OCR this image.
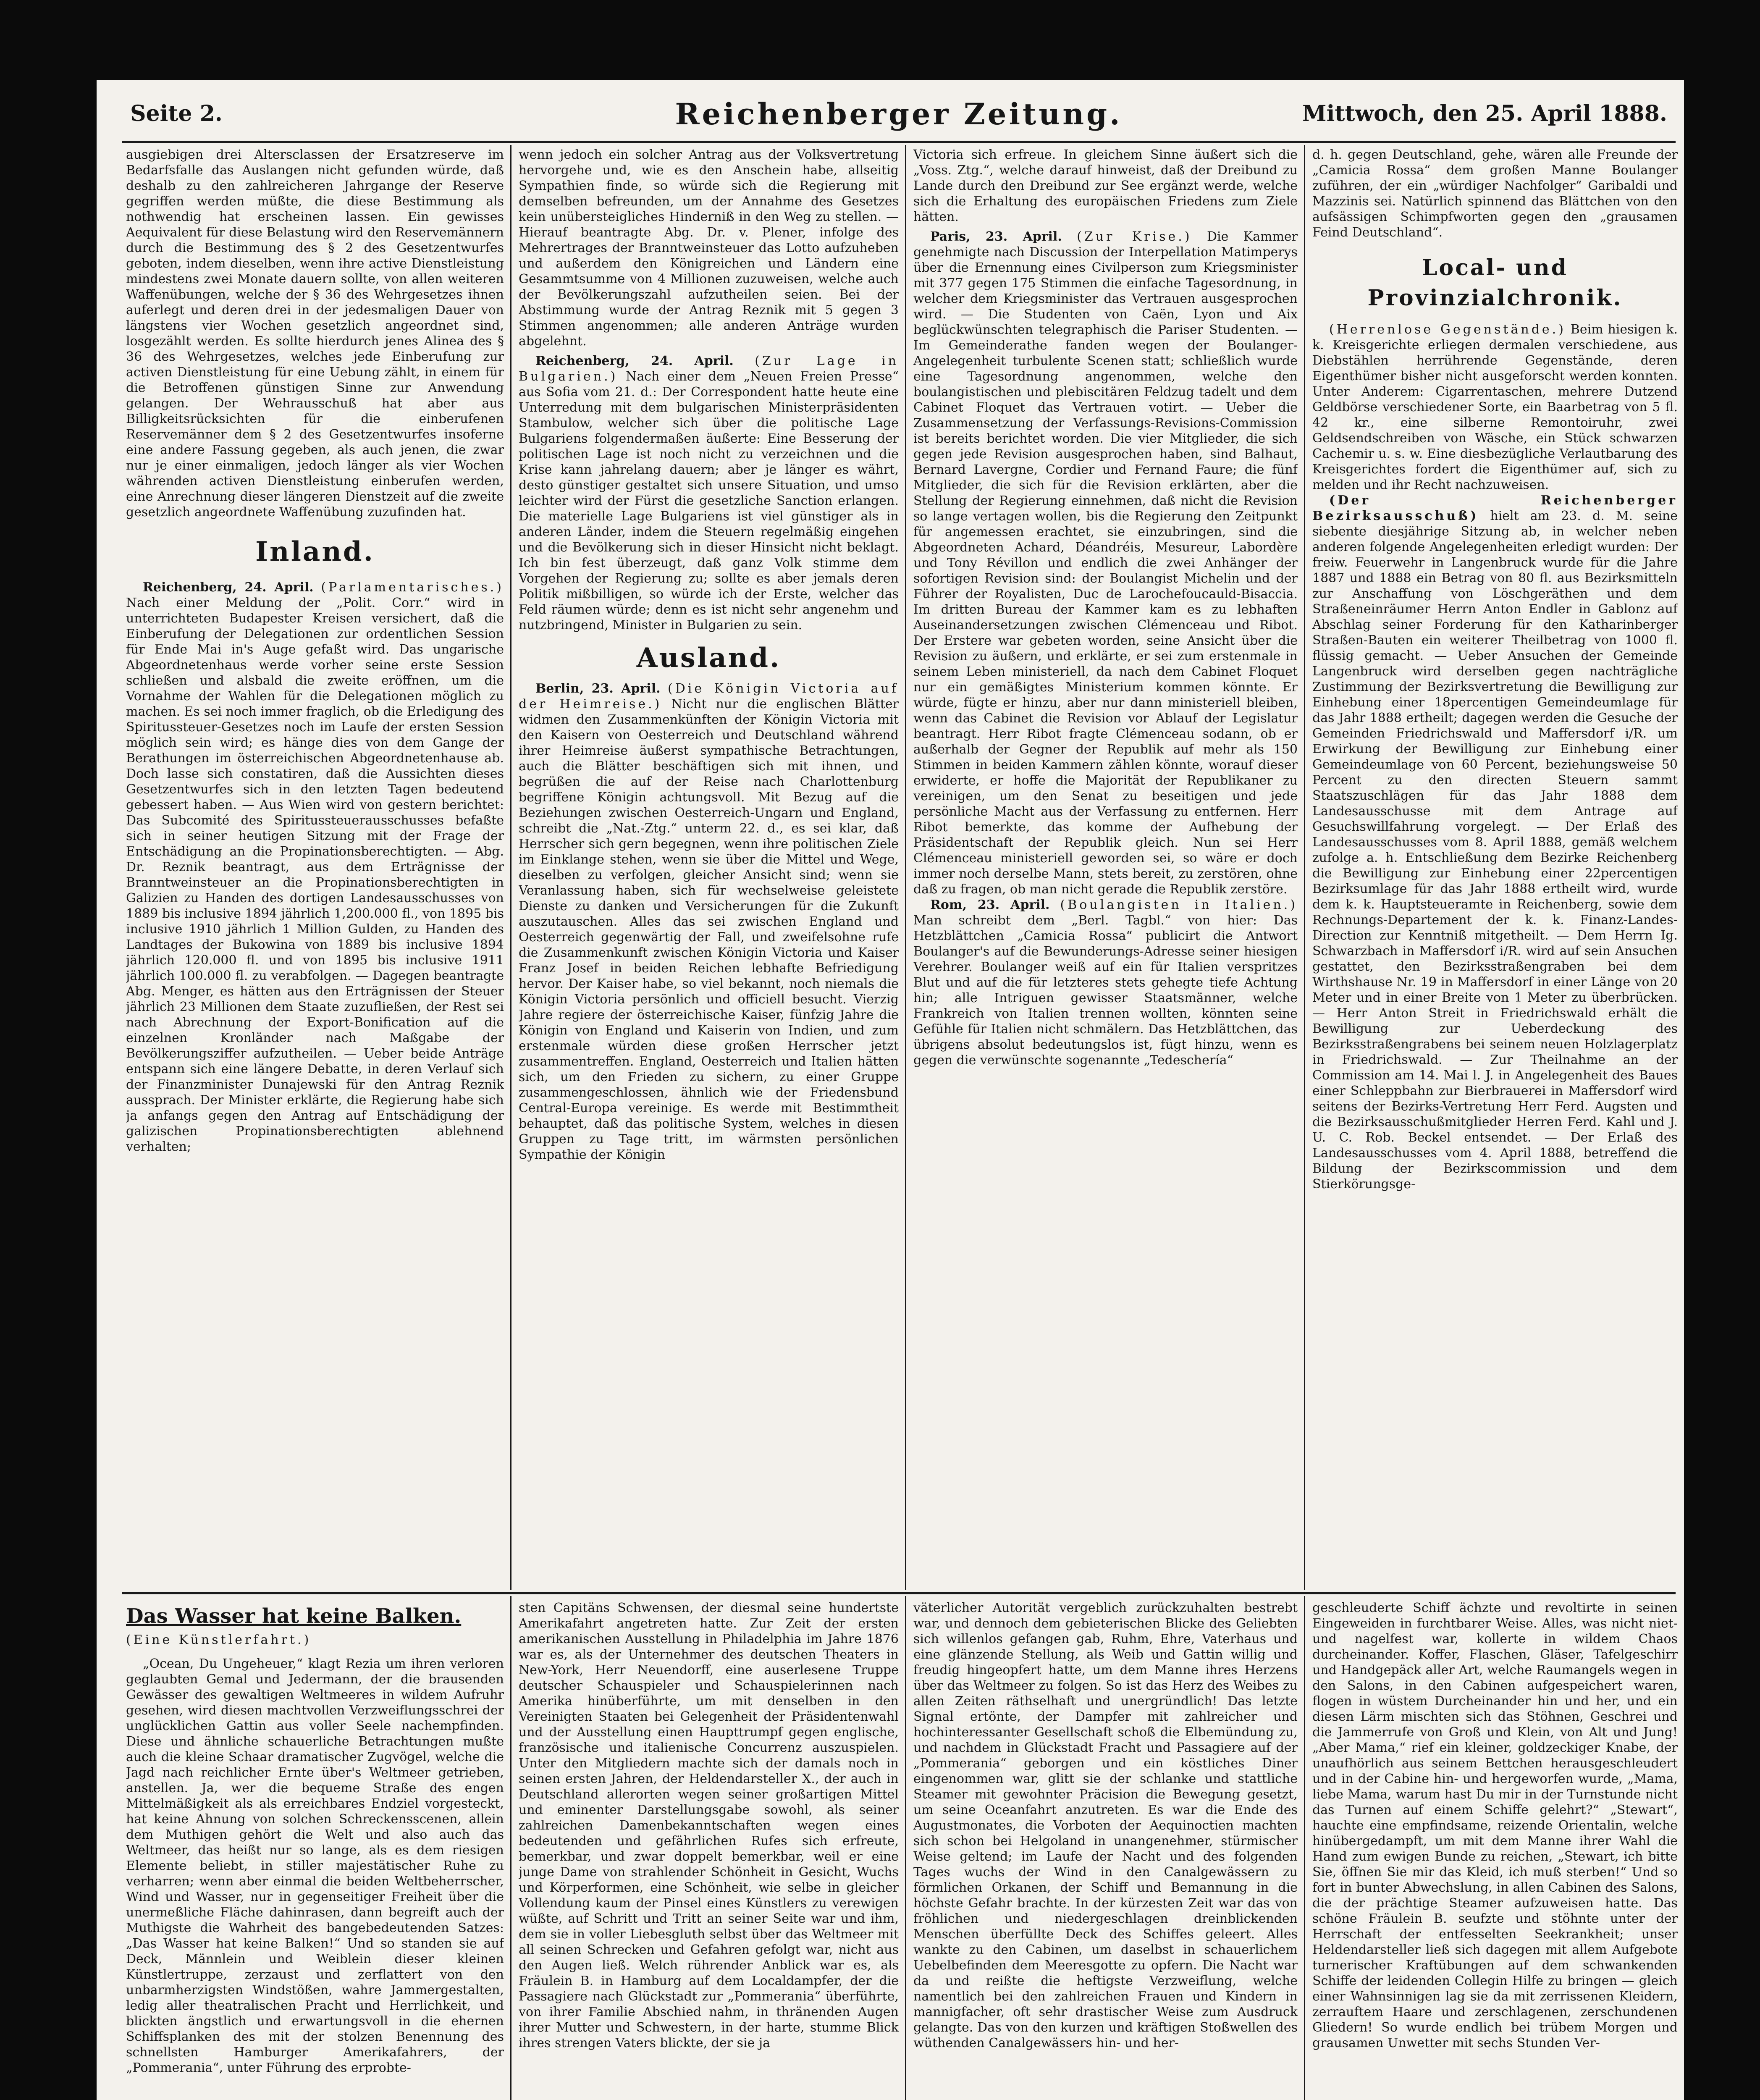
Seite 2.	Reichenberger Zeitung.	Mittwoch, den 25. April 1888.

ausgiebigen drei Altersclassen der Ersatzreserve im Bedarfsfalle das Auslangen nicht gefunden würde, daß deshalb zu den zahlreicheren Jahrgange der Reserve gegriffen werden müßte, die diese Bestimmung als nothwendig hat erscheinen lassen. Ein gewisses Aequivalent für diese Belastung wird den Reservemännern durch die Bestimmung des § 2 des Gesetzentwurfes geboten, indem dieselben, wenn ihre active Dienstleistung mindestens zwei Monate dauern sollte, von allen weiteren Waffenübungen, welche der § 36 des Wehrgesetzes ihnen auferlegt und deren drei in der jedesmaligen Dauer von längstens vier Wochen gesetzlich angeordnet sind, losgezählt werden. Es sollte hierdurch jenes Alinea des § 36 des Wehrgesetzes, welches jede Einberufung zur activen Dienstleistung für eine Uebung zählt, in einem für die Betroffenen günstigen Sinne zur Anwendung gelangen. Der Wehrausschuß hat aber aus Billigkeitsrücksichten für die einberufenen Reservemänner dem § 2 des Gesetzentwurfes insoferne eine andere Fassung gegeben, als auch jenen, die zwar nur je einer einmaligen, jedoch länger als vier Wochen währenden activen Dienstleistung einberufen werden, eine Anrechnung dieser längeren Dienstzeit auf die zweite gesetzlich angeordnete Waffenübung zuzufinden hat.

Inland.

Reichenberg, 24. April. (Parlamentarisches.) Nach einer Meldung der „Polit. Corr.“ wird in unterrichteten Budapester Kreisen versichert, daß die Einberufung der Delegationen zur ordentlichen Session für Ende Mai in's Auge gefaßt wird. Das ungarische Abgeordnetenhaus werde vorher seine erste Session schließen und alsbald die zweite eröffnen, um die Vornahme der Wahlen für die Delegationen möglich zu machen. Es sei noch immer fraglich, ob die Erledigung des Spiritussteuer-Gesetzes noch im Laufe der ersten Session möglich sein wird; es hänge dies von dem Gange der Berathungen im österreichischen Abgeordnetenhause ab. Doch lasse sich constatiren, daß die Aussichten dieses Gesetzentwurfes sich in den letzten Tagen bedeutend gebessert haben. — Aus Wien wird von gestern berichtet: Das Subcomité des Spiritussteuerausschusses befaßte sich in seiner heutigen Sitzung mit der Frage der Entschädigung an die Propinationsberechtigten. — Abg. Dr. Reznik beantragt, aus dem Erträgnisse der Branntweinsteuer an die Propinationsberechtigten in Galizien zu Handen des dortigen Landesausschusses von 1889 bis inclusive 1894 jährlich 1,200.000 fl., von 1895 bis inclusive 1910 jährlich 1 Million Gulden, zu Handen des Landtages der Bukowina von 1889 bis inclusive 1894 jährlich 120.000 fl. und von 1895 bis inclusive 1911 jährlich 100.000 fl. zu verabfolgen. — Dagegen beantragte Abg. Menger, es hätten aus den Erträgnissen der Steuer jährlich 23 Millionen dem Staate zuzufließen, der Rest sei nach Abrechnung der Export-Bonification auf die einzelnen Kronländer nach Maßgabe der Bevölkerungsziffer aufzutheilen. — Ueber beide Anträge entspann sich eine längere Debatte, in deren Verlauf sich der Finanzminister Dunajewski für den Antrag Reznik aussprach. Der Minister erklärte, die Regierung habe sich ja anfangs gegen den Antrag auf Entschädigung der galizischen Propinationsberechtigten ablehnend verhalten;

wenn jedoch ein solcher Antrag aus der Volksvertretung hervorgehe und, wie es den Anschein habe, allseitig Sympathien finde, so würde sich die Regierung mit demselben befreunden, um der Annahme des Gesetzes kein unübersteigliches Hinderniß in den Weg zu stellen. — Hierauf beantragte Abg. Dr. v. Plener, infolge des Mehrertrages der Branntweinsteuer das Lotto aufzuheben und außerdem den Königreichen und Ländern eine Gesammtsumme von 4 Millionen zuzuweisen, welche auch der Bevölkerungszahl aufzutheilen seien. Bei der Abstimmung wurde der Antrag Reznik mit 5 gegen 3 Stimmen angenommen; alle anderen Anträge wurden abgelehnt.

Reichenberg, 24. April. (Zur Lage in Bulgarien.) Nach einer dem „Neuen Freien Presse“ aus Sofia vom 21. d.: Der Correspondent hatte heute eine Unterredung mit dem bulgarischen Ministerpräsidenten Stambulow, welcher sich über die politische Lage Bulgariens folgendermaßen äußerte: Eine Besserung der politischen Lage ist noch nicht zu verzeichnen und die Krise kann jahrelang dauern; aber je länger es währt, desto günstiger gestaltet sich unsere Situation, und umso leichter wird der Fürst die gesetzliche Sanction erlangen. Die materielle Lage Bulgariens ist viel günstiger als in anderen Länder, indem die Steuern regelmäßig eingehen und die Bevölkerung sich in dieser Hinsicht nicht beklagt. Ich bin fest überzeugt, daß ganz Volk stimme dem Vorgehen der Regierung zu; sollte es aber jemals deren Politik mißbilligen, so würde ich der Erste, welcher das Feld räumen würde; denn es ist nicht sehr angenehm und nutzbringend, Minister in Bulgarien zu sein.

Ausland.

Berlin, 23. April. (Die Königin Victoria auf der Heimreise.) Nicht nur die englischen Blätter widmen den Zusammenkünften der Königin Victoria mit den Kaisern von Oesterreich und Deutschland während ihrer Heimreise äußerst sympathische Betrachtungen, auch die Blätter beschäftigen sich mit ihnen, und begrüßen die auf der Reise nach Charlottenburg begriffene Königin achtungsvoll. Mit Bezug auf die Beziehungen zwischen Oesterreich-Ungarn und England, schreibt die „Nat.-Ztg.“ unterm 22. d., es sei klar, daß Herrscher sich gern begegnen, wenn ihre politischen Ziele im Einklange stehen, wenn sie über die Mittel und Wege, dieselben zu verfolgen, gleicher Ansicht sind; wenn sie Veranlassung haben, sich für wechselweise geleistete Dienste zu danken und Versicherungen für die Zukunft auszutauschen. Alles das sei zwischen England und Oesterreich gegenwärtig der Fall, und zweifelsohne rufe die Zusammenkunft zwischen Königin Victoria und Kaiser Franz Josef in beiden Reichen lebhafte Befriedigung hervor. Der Kaiser habe, so viel bekannt, noch niemals die Königin Victoria persönlich und officiell besucht. Vierzig Jahre regiere der österreichische Kaiser, fünfzig Jahre die Königin von England und Kaiserin von Indien, und zum erstenmale würden diese großen Herrscher jetzt zusammentreffen. England, Oesterreich und Italien hätten sich, um den Frieden zu sichern, zu einer Gruppe zusammengeschlossen, ähnlich wie der Friedensbund Central-Europa vereinige. Es werde mit Bestimmtheit behauptet, daß das politische System, welches in diesen Gruppen zu Tage tritt, im wärmsten persönlichen Sympathie der Königin

Victoria sich erfreue. In gleichem Sinne äußert sich die „Voss. Ztg.“, welche darauf hinweist, daß der Dreibund zu Lande durch den Dreibund zur See ergänzt werde, welche sich die Erhaltung des europäischen Friedens zum Ziele hätten.

Paris, 23. April. (Zur Krise.) Die Kammer genehmigte nach Discussion der Interpellation Matimperys über die Ernennung eines Civilperson zum Kriegsminister mit 377 gegen 175 Stimmen die einfache Tagesordnung, in welcher dem Kriegsminister das Vertrauen ausgesprochen wird. — Die Studenten von Caën, Lyon und Aix beglückwünschten telegraphisch die Pariser Studenten. — Im Gemeinderathe fanden wegen der Boulanger-Angelegenheit turbulente Scenen statt; schließlich wurde eine Tagesordnung angenommen, welche den boulangistischen und plebiscitären Feldzug tadelt und dem Cabinet Floquet das Vertrauen votirt. — Ueber die Zusammensetzung der Verfassungs-Revisions-Commission ist bereits berichtet worden. Die vier Mitglieder, die sich gegen jede Revision ausgesprochen haben, sind Balhaut, Bernard Lavergne, Cordier und Fernand Faure; die fünf Mitglieder, die sich für die Revision erklärten, aber die Stellung der Regierung einnehmen, daß nicht die Revision so lange vertagen wollen, bis die Regierung den Zeitpunkt für angemessen erachtet, sie einzubringen, sind die Abgeordneten Achard, Déandréis, Mesureur, Labordère und Tony Révillon und endlich die zwei Anhänger der sofortigen Revision sind: der Boulangist Michelin und der Führer der Royalisten, Duc de Larochefoucauld-Bisaccia. Im dritten Bureau der Kammer kam es zu lebhaften Auseinandersetzungen zwischen Clémenceau und Ribot. Der Erstere war gebeten worden, seine Ansicht über die Revision zu äußern, und erklärte, er sei zum erstenmale in seinem Leben ministeriell, da nach dem Cabinet Floquet nur ein gemäßigtes Ministerium kommen könnte. Er würde, fügte er hinzu, aber nur dann ministeriell bleiben, wenn das Cabinet die Revision vor Ablauf der Legislatur beantragt. Herr Ribot fragte Clémenceau sodann, ob er außerhalb der Gegner der Republik auf mehr als 150 Stimmen in beiden Kammern zählen könnte, worauf dieser erwiderte, er hoffe die Majorität der Republikaner zu vereinigen, um den Senat zu beseitigen und jede persönliche Macht aus der Verfassung zu entfernen. Herr Ribot bemerkte, das komme der Aufhebung der Präsidentschaft der Republik gleich. Nun sei Herr Clémenceau ministeriell geworden sei, so wäre er doch immer noch derselbe Mann, stets bereit, zu zerstören, ohne daß zu fragen, ob man nicht gerade die Republik zerstöre.

Rom, 23. April. (Boulangisten in Italien.) Man schreibt dem „Berl. Tagbl.“ von hier: Das Hetzblättchen „Camicia Rossa“ publicirt die Antwort Boulanger's auf die Bewunderungs-Adresse seiner hiesigen Verehrer. Boulanger weiß auf ein für Italien verspritzes Blut und auf die für letzteres stets gehegte tiefe Achtung hin; alle Intriguen gewisser Staatsmänner, welche Frankreich von Italien trennen wollten, könnten seine Gefühle für Italien nicht schmälern. Das Hetzblättchen, das übrigens absolut bedeutungslos ist, fügt hinzu, wenn es gegen die verwünschte sogenannte „Tedeschería“

d. h. gegen Deutschland, gehe, wären alle Freunde der „Camicia Rossa“ dem großen Manne Boulanger zuführen, der ein „würdiger Nachfolger“ Garibaldi und Mazzinis sei. Natürlich spinnend das Blättchen von den aufsässigen Schimpfworten gegen den „grausamen Feind Deutschland“.

Local- und Provinzialchronik.

(Herrenlose Gegenstände.) Beim hiesigen k. k. Kreisgerichte erliegen dermalen verschiedene, aus Diebstählen herrührende Gegenstände, deren Eigenthümer bisher nicht ausgeforscht werden konnten. Unter Anderem: Cigarrentaschen, mehrere Dutzend Geldbörse verschiedener Sorte, ein Baarbetrag von 5 fl. 42 kr., eine silberne Remontoiruhr, zwei Geldsendschreiben von Wäsche, ein Stück schwarzen Cachemir u. s. w. Eine diesbezügliche Verlautbarung des Kreisgerichtes fordert die Eigenthümer auf, sich zu melden und ihr Recht nachzuweisen.

(Der Reichenberger Bezirksausschuß) hielt am 23. d. M. seine siebente diesjährige Sitzung ab, in welcher neben anderen folgende Angelegenheiten erledigt wurden: Der freiw. Feuerwehr in Langenbruck wurde für die Jahre 1887 und 1888 ein Betrag von 80 fl. aus Bezirksmitteln zur Anschaffung von Löschgeräthen und dem Straßeneinräumer Herrn Anton Endler in Gablonz auf Abschlag seiner Forderung für den Katharinberger Straßen-Bauten ein weiterer Theilbetrag von 1000 fl. flüssig gemacht. — Ueber Ansuchen der Gemeinde Langenbruck wird derselben gegen nachträgliche Zustimmung der Bezirksvertretung die Bewilligung zur Einhebung einer 18percentigen Gemeindeumlage für das Jahr 1888 ertheilt; dagegen werden die Gesuche der Gemeinden Friedrichswald und Maffersdorf i/R. um Erwirkung der Bewilligung zur Einhebung einer Gemeindeumlage von 60 Percent, beziehungsweise 50 Percent zu den directen Steuern sammt Staatszuschlägen für das Jahr 1888 dem Landesausschusse mit dem Antrage auf Gesuchswillfahrung vorgelegt. — Der Erlaß des Landesausschusses vom 8. April 1888, gemäß welchem zufolge a. h. Entschließung dem Bezirke Reichenberg die Bewilligung zur Einhebung einer 22percentigen Bezirksumlage für das Jahr 1888 ertheilt wird, wurde dem k. k. Hauptsteueramte in Reichenberg, sowie dem Rechnungs-Departement der k. k. Finanz-Landes-Direction zur Kenntniß mitgetheilt. — Dem Herrn Ig. Schwarzbach in Maffersdorf i/R. wird auf sein Ansuchen gestattet, den Bezirksstraßengraben bei dem Wirthshause Nr. 19 in Maffersdorf in einer Länge von 20 Meter und in einer Breite von 1 Meter zu überbrücken. — Herr Anton Streit in Friedrichswald erhält die Bewilligung zur Ueberdeckung des Bezirksstraßengrabens bei seinem neuen Holzlagerplatz in Friedrichswald. — Zur Theilnahme an der Commission am 14. Mai l. J. in Angelegenheit des Baues einer Schleppbahn zur Bierbrauerei in Maffersdorf wird seitens der Bezirks-Vertretung Herr Ferd. Augsten und die Bezirksausschußmitglieder Herren Ferd. Kahl und J. U. C. Rob. Beckel entsendet. — Der Erlaß des Landesausschusses vom 4. April 1888, betreffend die Bildung der Bezirkscommission und dem Stierkörungsge-

Das Wasser hat keine Balken.
(Eine Künstlerfahrt.)

„Ocean, Du Ungeheuer,“ klagt Rezia um ihren verloren geglaubten Gemal und Jedermann, der die brausenden Gewässer des gewaltigen Weltmeeres in wildem Aufruhr gesehen, wird diesen machtvollen Verzweiflungsschrei der unglücklichen Gattin aus voller Seele nachempfinden. Diese und ähnliche schauerliche Betrachtungen mußte auch die kleine Schaar dramatischer Zugvögel, welche die Jagd nach reichlicher Ernte über's Weltmeer getrieben, anstellen. Ja, wer die bequeme Straße des engen Mittelmäßigkeit als als erreichbares Endziel vorgesteckt, hat keine Ahnung von solchen Schreckensscenen, allein dem Muthigen gehört die Welt und also auch das Weltmeer, das heißt nur so lange, als es dem riesigen Elemente beliebt, in stiller majestätischer Ruhe zu verharren; wenn aber einmal die beiden Weltbeherrscher, Wind und Wasser, nur in gegenseitiger Freiheit über die unermeßliche Fläche dahinrasen, dann begreift auch der Muthigste die Wahrheit des bangebedeutenden Satzes: „Das Wasser hat keine Balken!“ Und so standen sie auf Deck, Männlein und Weiblein dieser kleinen Künstlertruppe, zerzaust und zerflattert von den unbarmherzigsten Windstößen, wahre Jammergestalten, ledig aller theatralischen Pracht und Herrlichkeit, und blickten ängstlich und erwartungsvoll in die ehernen Schiffsplanken des mit der stolzen Benennung des schnellsten Hamburger Amerikafahrers, der „Pommerania“, unter Führung des erprobte-

sten Capitäns Schwensen, der diesmal seine hundertste Amerikafahrt angetreten hatte. Zur Zeit der ersten amerikanischen Ausstellung in Philadelphia im Jahre 1876 war es, als der Unternehmer des deutschen Theaters in New-York, Herr Neuendorff, eine auserlesene Truppe deutscher Schauspieler und Schauspielerinnen nach Amerika hinüberführte, um mit denselben in den Vereinigten Staaten bei Gelegenheit der Präsidentenwahl und der Ausstellung einen Haupttrumpf gegen englische, französische und italienische Concurrenz auszuspielen. Unter den Mitgliedern machte sich der damals noch in seinen ersten Jahren, der Heldendarsteller X., der auch in Deutschland allerorten wegen seiner großartigen Mittel und eminenter Darstellungsgabe sowohl, als seiner zahlreichen Damenbekanntschaften wegen eines bedeutenden und gefährlichen Rufes sich erfreute, bemerkbar, und zwar doppelt bemerkbar, weil er eine junge Dame von strahlender Schönheit in Gesicht, Wuchs und Körperformen, eine Schönheit, wie selbe in gleicher Vollendung kaum der Pinsel eines Künstlers zu verewigen wüßte, auf Schritt und Tritt an seiner Seite war und ihm, dem sie in voller Liebesgluth selbst über das Weltmeer mit all seinen Schrecken und Gefahren gefolgt war, nicht aus den Augen ließ. Welch rührender Anblick war es, als Fräulein B. in Hamburg auf dem Localdampfer, der die Passagiere nach Glückstadt zur „Pommerania“ überführte, von ihrer Familie Abschied nahm, in thränenden Augen ihrer Mutter und Schwestern, in der harte, stumme Blick ihres strengen Vaters blickte, der sie ja

väterlicher Autorität vergeblich zurückzuhalten bestrebt war, und dennoch dem gebieterischen Blicke des Geliebten sich willenlos gefangen gab, Ruhm, Ehre, Vaterhaus und eine glänzende Stellung, als Weib und Gattin willig und freudig hingeopfert hatte, um dem Manne ihres Herzens über das Weltmeer zu folgen. So ist das Herz des Weibes zu allen Zeiten räthselhaft und unergründlich! Das letzte Signal ertönte, der Dampfer mit zahlreicher und hochinteressanter Gesellschaft schoß die Elbemündung zu, und nachdem in Glückstadt Fracht und Passagiere auf der „Pommerania“ geborgen und ein köstliches Diner eingenommen war, glitt sie der schlanke und stattliche Steamer mit gewohnter Präcision die Bewegung gesetzt, um seine Oceanfahrt anzutreten. Es war die Ende des Augustmonates, die Vorboten der Aequinoctien machten sich schon bei Helgoland in unangenehmer, stürmischer Weise geltend; im Laufe der Nacht und des folgenden Tages wuchs der Wind in den Canalgewässern zu förmlichen Orkanen, der Schiff und Bemannung in die höchste Gefahr brachte. In der kürzesten Zeit war das von fröhlichen und niedergeschlagen dreinblickenden Menschen überfüllte Deck des Schiffes geleert. Alles wankte zu den Cabinen, um daselbst in schauerlichem Uebelbefinden dem Meeresgotte zu opfern. Die Nacht war da und reißte die heftigste Verzweiflung, welche namentlich bei den zahlreichen Frauen und Kindern in mannigfacher, oft sehr drastischer Weise zum Ausdruck gelangte. Das von den kurzen und kräftigen Stoßwellen des wüthenden Canalgewässers hin- und her-

geschleuderte Schiff ächzte und revoltirte in seinen Eingeweiden in furchtbarer Weise. Alles, was nicht niet- und nagelfest war, kollerte in wildem Chaos durcheinander. Koffer, Flaschen, Gläser, Tafelgeschirr und Handgepäck aller Art, welche Raumangels wegen in den Salons, in den Cabinen aufgespeichert waren, flogen in wüstem Durcheinander hin und her, und ein diesen Lärm mischten sich das Stöhnen, Geschrei und die Jammerrufe von Groß und Klein, von Alt und Jung! „Aber Mama,“ rief ein kleiner, goldzeckiger Knabe, der unaufhörlich aus seinem Bettchen herausgeschleudert und in der Cabine hin- und hergeworfen wurde, „Mama, liebe Mama, warum hast Du mir in der Turnstunde nicht das Turnen auf einem Schiffe gelehrt?“ „Stewart“, hauchte eine empfindsame, reizende Orientalin, welche hinübergedampft, um mit dem Manne ihrer Wahl die Hand zum ewigen Bunde zu reichen, „Stewart, ich bitte Sie, öffnen Sie mir das Kleid, ich muß sterben!“ Und so fort in bunter Abwechslung, in allen Cabinen des Salons, die der prächtige Steamer aufzuweisen hatte. Das schöne Fräulein B. seufzte und stöhnte unter der Herrschaft der entfesselten Seekrankheit; unser Heldendarsteller ließ sich dagegen mit allem Aufgebote turnerischer Kraftübungen auf dem schwankenden Schiffe der leidenden Collegin Hilfe zu bringen — gleich einer Wahnsinnigen lag sie da mit zerrissenen Kleidern, zerrauftem Haare und zerschlagenen, zerschundenen Gliedern! So wurde endlich bei trübem Morgen und grausamen Unwetter mit sechs Stunden Ver-
